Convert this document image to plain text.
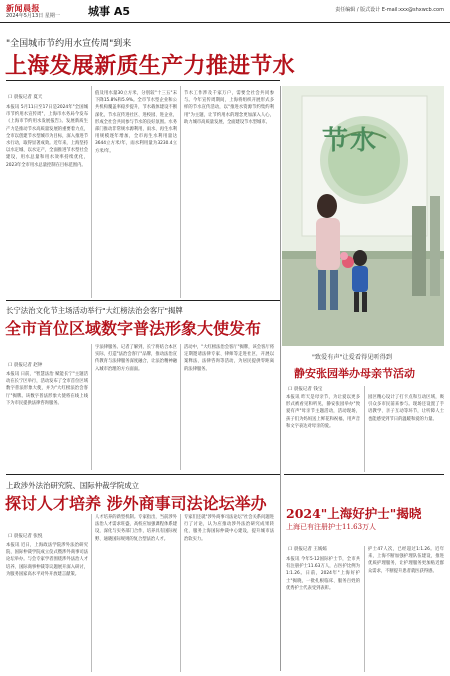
新闻晨报
2024年5月13日 星期一	城事 A5	责任编辑 / 版式设计 E-mail:xxx@shxwcb.com
"全国城市节约用水宣传周"到来
上海发展新质生产力推进节水
口 晨报记者 夏天
本报讯 5月11日至17日是2024年"全国城市节约用水宣传周"，上海市水务局今发布《上海市节约用水发展报告》。发展新质生产力是推动节水高质量发展的重要着力点，全市以创建节水型城市为目标，深入推进节水行动，取得显著成效。近年来，上海坚持以水定城、以水定产，全面推进节水型社会建设，用水总量和用水效率持续优化，2023年全市用水总量控制在目标范围内。
值及用水量30立方米，分别较"十三五"末下降15.8%和5.9%。全市节水型企业和公共机构覆盖率稳步提升，节水载体建设不断深化，节水宣传进社区、进校园、进企业，形成全社会共同参与节水的良好氛围。水务部门推动非常规水源利用，雨水、再生水利用规模逐年增加，全市再生水利用量达3644立方米/年，雨水利用量为3230.4立方米/年。
节水工作涉及千家万户，需要全社会共同参与。今年宣传周期间，上海将组织开展形式多样的节水宣传活动，以"推进水资源节约集约利用"为主题，让节约用水的理念更加深入人心，助力城市高质量发展，全面建设节水型城市。
节水
"致爱有声"让爱看得见听得到
静安张园举办母亲节活动
长宁法治文化节主场活动举行"大红榜法治会客厅"揭牌
全市首位区域数字普法形象大使发布
口 晨报记者 赵钟
本报讯 日前，"智慧法治 赋能长宁"主题活动在长宁区举行，活动发布了全市首位区域数字普法形象大使，并为"大红榜法治会客厅"揭牌。该数字普法形象大使将在线上线下为市民提供法律咨询服务。
字法律服务。记者了解到，长宁将结合本区实际，打造"法治会客厅"品牌，推动法治宣传教育与法律服务深度融合，让法治精神融入城市治理的方方面面。
活动中，"大红榜法治会客厅"揭牌，该会客厅将定期邀请法律专家、律师等走进社区，开展以案释法、法律咨询等活动，为居民提供零距离的法律服务。
口 晨报记者 钱宝
本报讯 昨天是母亲节，为让爱以更多形式被看见和听见，静安张园举办"致爱有声"母亲节主题活动，活动现场，孩子们为妈妈送上鲜花和祝福，用声音和文字表达对母亲的爱。
园区精心设计了打卡点和互动区域，吸引众多市民前来参与。现场还设置了手语教学、亲子互动等环节，让听障人士也能感受到节日的温暖和爱的力量。
上政涉外法治研究院、国际仲裁学院成立
探讨人才培养 涉外商事司法论坛举办
口 晨报记者 张悦
本报讯 近日，上海政法学院涉外法治研究院、国际仲裁学院成立仪式暨涉外商事司法论坛举办。与会专家学者围绕涉外法治人才培养、国际商事仲裁等议题展开深入研讨，为服务国家高水平对外开放建言献策。
人才培养的新型机制。专家指出，当前涉外法治人才需求旺盛，高校应加强课程体系建设，深化与实务部门合作，培养具有国际视野、通晓国际规则的复合型法治人才。
专家们还就"涉外商事司法论坛"社会关系问题进行了讨论，认为应推动涉外法治研究成果转化，服务上海国际仲裁中心建设，提升城市法治软实力。
2024"上海好护士"揭晓
上海已有注册护士11.63万人
口 晨报记者 王嫣嫣
本报讯 今年5·12国际护士节，全市共有注册护士11.63万人，占医护比例为1:1.26。日前，2024年"上海好护士"揭晓，一批扎根临床、服务百姓的优秀护士代表受到表彰。
护士47人次，已经超过1:1.26。近年来，上海不断加强护理队伍建设，推进优质护理服务，让护理服务更加贴近群众需求，不断提升患者就医获得感。
